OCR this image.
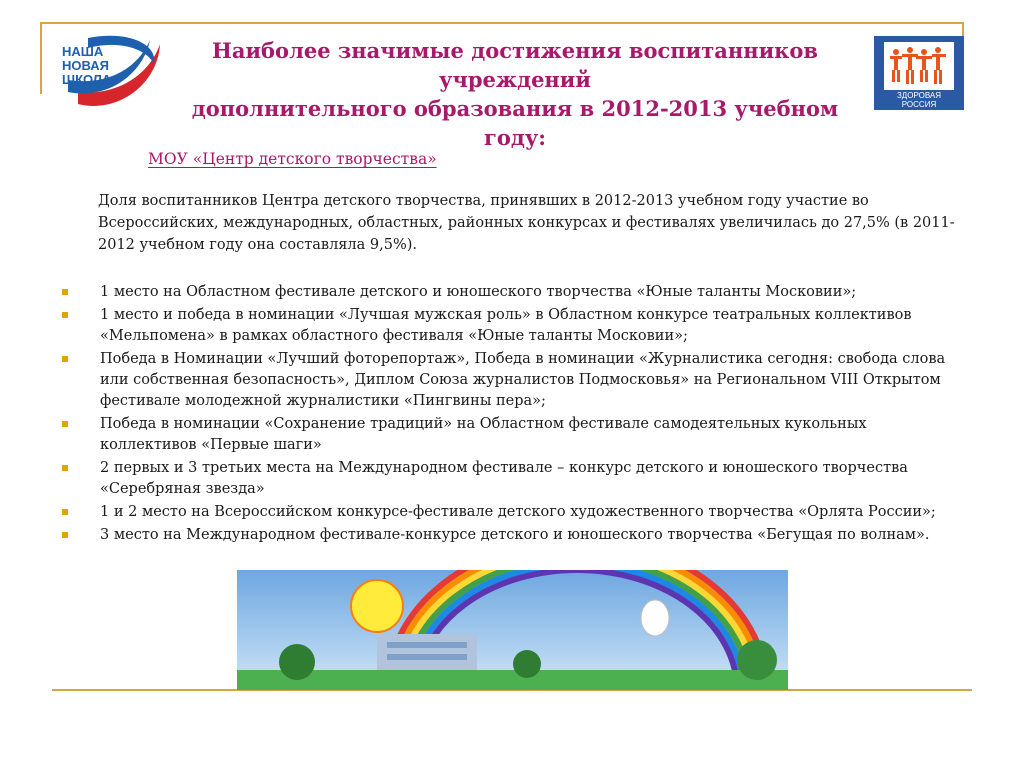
НАША
НОВАЯ
ШКОЛА
ЗДОРОВАЯ
РОССИЯ
Наиболее значимые достижения воспитанников учреждений
дополнительного образования в 2012-2013 учебном году:
МОУ «Центр детского творчества»
Доля воспитанников Центра детского творчества, принявших в 2012-2013 учебном году участие во Всероссийских, международных, областных, районных конкурсах и фестивалях увеличилась до 27,5% (в 2011-2012 учебном году она составляла 9,5%).
1 место на Областном фестивале детского и юношеского творчества «Юные таланты Московии»;
1 место и победа в номинации «Лучшая мужская роль» в Областном конкурсе театральных коллективов «Мельпомена» в рамках областного фестиваля «Юные таланты Московии»;
Победа в Номинации «Лучший фоторепортаж», Победа в номинации «Журналистика сегодня: свобода слова или собственная безопасность», Диплом Союза журналистов Подмосковья» на Региональном VIII Открытом фестивале молодежной журналистики «Пингвины пера»;
Победа в номинации «Сохранение традиций» на Областном фестивале самодеятельных кукольных коллективов «Первые шаги»
2 первых и 3 третьих места на Международном фестивале – конкурс детского и юношеского творчества «Серебряная звезда»
1 и 2 место на Всероссийском конкурсе-фестивале детского художественного творчества «Орлята России»;
3 место на Международном фестивале-конкурсе детского и юношеского творчества «Бегущая по волнам».
